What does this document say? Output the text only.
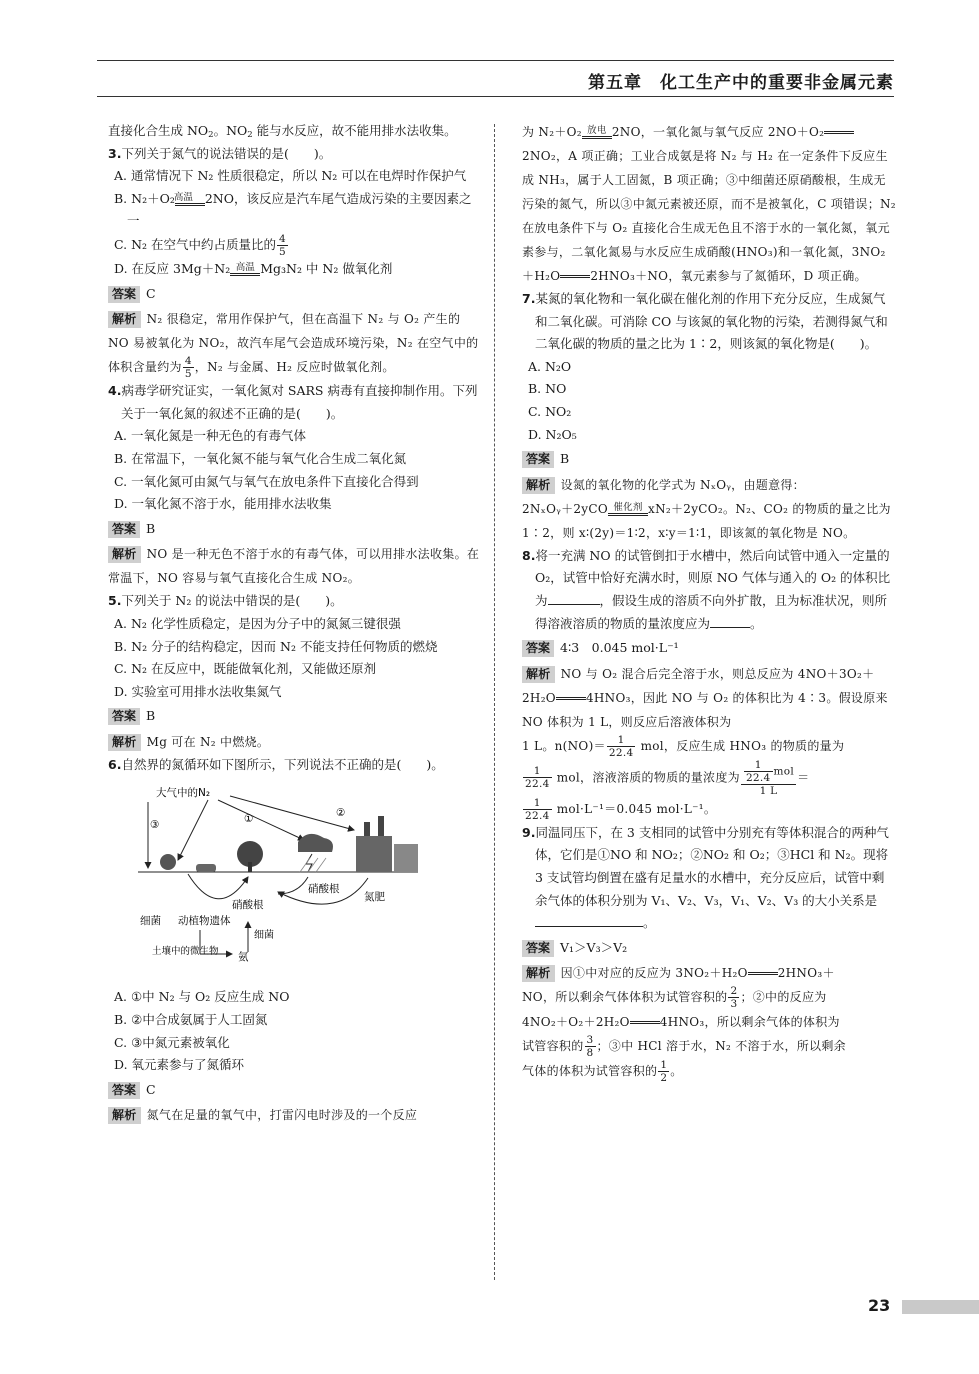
第五章　化工生产中的重要非金属元素

直接化合生成 $NO_2$。$NO_2$ 能与水反应，故不能用排水法收集。

3.下列关于氮气的说法错误的是(　　)。

A. 通常情况下 N₂ 性质很稳定，所以 N₂ 可以在电焊时作保护气

B. N₂＋O₂
高温 2NO，该反应是汽车尾气造成污染的主要因素之一

C. N₂ 在空气中约占质量比的 $\frac{4}{5}$

D. 在反应 3Mg＋N₂ 高温 Mg₃N₂ 中 N₂ 做氧化剂

答案 C

解析 N₂ 很稳定，常用作保护气，但在高温下 N₂ 与 O₂ 产生的 NO 易被氧化为 NO₂，故汽车尾气会造成环境污染，N₂ 在空气中的体积含量约为 $\frac{4}{5}$ ，N₂ 与金属、H₂ 反应时做氧化剂。

4.病毒学研究证实，一氧化氮对 SARS 病毒有直接抑制作用。下列关于一氧化氮的叙述不正确的是(　　)。

A. 一氧化氮是一种无色的有毒气体

B. 在常温下，一氧化氮不能与氧气化合生成二氧化氮

C. 一氧化氮可由氮气与氧气在放电条件下直接化合得到

D. 一氧化氮不溶于水，能用排水法收集

答案 B

解析 NO 是一种无色不溶于水的有毒气体，可以用排水法收集。在常温下，NO 容易与氧气直接化合生成 NO₂。

5.下列关于 N₂ 的说法中错误的是(　　)。

A. N₂ 化学性质稳定，是因为分子中的氮氮三键很强

B. N₂ 分子的结构稳定，因而 N₂ 不能支持任何物质的燃烧

C. N₂ 在反应中，既能做氧化剂，又能做还原剂

D. 实验室可用排水法收集氮气

答案 B

解析 Mg 可在 N₂ 中燃烧。

6.自然界的氮循环如下图所示，下列说法不正确的是(　　)。

大气中的N₂
③	①	②
硝酸根
硝酸根
氮肥
细菌 动植物遗体
细菌
土壤中的微生物 氨

A. ①中 N₂ 与 O₂ 反应生成 NO

B. ②中合成氨属于人工固氮

C. ③中氮元素被氧化

D. 氧元素参与了氮循环

答案 C

解析 氮气在足量的氧气中，打雷闪电时涉及的一个反应

为 N₂＋O₂ 放电 2NO，一氧化氮与氧气反应 2NO＋O₂
2NO₂，A 项正确；工业合成氨是将 N₂ 与 H₂ 在一定条件下反应生成 NH₃，属于人工固氮，B 项正确；③中细菌还原硝酸根，生成无污染的氮气，所以③中氮元素被还原，而不是被氧化，C 项错误；N₂ 在放电条件下与 O₂ 直接化合生成无色且不溶于水的一氧化氮，氧元素参与，二氧化氮易与水反应生成硝酸(HNO₃)和一氧化氮，3NO₂＋H₂O	2HNO₃＋NO，氧元素参与了氮循环，D 项正确。

7.某氮的氧化物和一氧化碳在催化剂的作用下充分反应，生成氮气和二氧化碳。可消除 CO 与该氮的氧化物的污染，若测得氮气和二氧化碳的物质的量之比为 1∶2，则该氮的氧化物是(　　)。

A. N₂O

B. NO

C. NO₂

D. N₂O₅

答案 B

解析 设氮的氧化物的化学式为 NₓOᵧ，由题意得：
2NₓOᵧ＋2yCO 催化剂 xN₂＋2yCO₂。N₂、CO₂ 的物质的量之比为 1∶2，则 x∶(2y)＝1∶2，x∶y＝1∶1，即该氮的氧化物是 NO。

8.将一充满 NO 的试管倒扣于水槽中，然后向试管中通入一定量的 O₂，试管中恰好充满水时，则原 NO 气体与通入的 O₂ 的体积比为	，假设生成的溶质不向外扩散，且为标准状况，则所得溶液溶质的物质的量浓度应为	。

答案 4∶3　0.045 mol·L⁻¹

解析 NO 与 O₂ 混合后完全溶于水，则总反应为 4NO＋3O₂＋2H₂O	4HNO₃，因此 NO 与 O₂ 的体积比为 4∶3。假设原来 NO 体积为 1 L，则反应后溶液体积为
1 L。$n(NO)= \frac{1}{22.4}$ mol，反应生成 HNO₃ 的物质的量为

$\frac{1}{22.4}$ mol，溶液溶质的物质的量浓度为 $\frac{\frac{1}{22.4} mol}{1 L}$ ＝

$\frac{1}{22.4} mol\cdot L^{-1}=0.045$ mol·L⁻¹。

9.同温同压下，在 3 支相同的试管中分别充有等体积混合的两种气体，它们是①NO 和 NO₂；②NO₂ 和 O₂；③HCl 和 N₂。现将 3 支试管均倒置在盛有足量水的水槽中，充分反应后，试管中剩余气体的体积分别为 V₁、V₂、V₃，V₁、V₂、V₃ 的大小关系是。

答案 V₁＞V₃＞V₂

解析 因①中对应的反应为 3NO₂＋H₂O	2HNO₃＋
NO，所以剩余气体体积为试管容积的 $\frac{2}{3}$ ；②中的反应为
4NO₂＋O₂＋2H₂O	4HNO₃，所以剩余气体的体积为
试管容积的 $\frac{3}{8}$ ；③中 HCl 溶于水，N₂ 不溶于水，所以剩余
气体的体积为试管容积的 $\frac{1}{2}$ 。

23
